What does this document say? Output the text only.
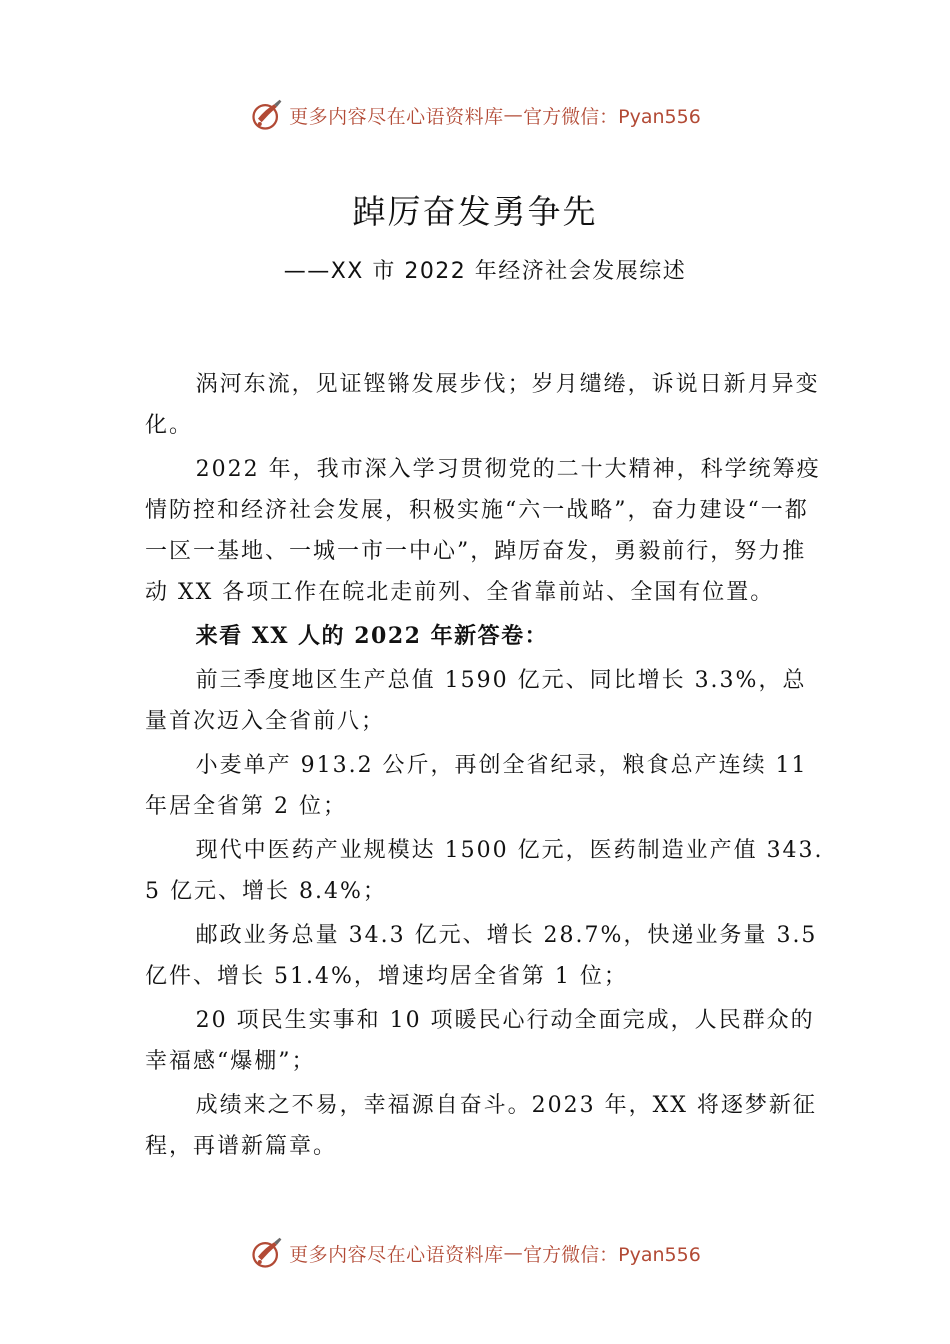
更多内容尽在心语资料库 — 官方微信：Pyan556
踔厉奋发勇争先
——XX 市 2022 年经济社会发展综述

涡河东流，见证铿锵发展步伐；岁月缱绻，诉说日新月异变化。

2022 年，我市深入学习贯彻党的二十大精神，科学统筹疫情防控和经济社会发展，积极实施“六一战略”，奋力建设“一都一区一基地、一城一市一中心”，踔厉奋发，勇毅前行，努力推动 XX 各项工作在皖北走前列、全省靠前站、全国有位置。

来看 XX 人的 2022 年新答卷：

前三季度地区生产总值 1590 亿元、同比增长 3.3%，总量首次迈入全省前八；

小麦单产 913.2 公斤，再创全省纪录，粮食总产连续 11 年居全省第 2 位；

现代中医药产业规模达 1500 亿元，医药制造业产值 343.5 亿元、增长 8.4%；

邮政业务总量 34.3 亿元、增长 28.7%，快递业务量 3.5 亿件、增长 51.4%，增速均居全省第 1 位；

20 项民生实事和 10 项暖民心行动全面完成，人民群众的幸福感“爆棚”；

成绩来之不易，幸福源自奋斗。2023 年，XX 将逐梦新征程，再谱新篇章。

更多内容尽在心语资料库 — 官方微信：Pyan556
